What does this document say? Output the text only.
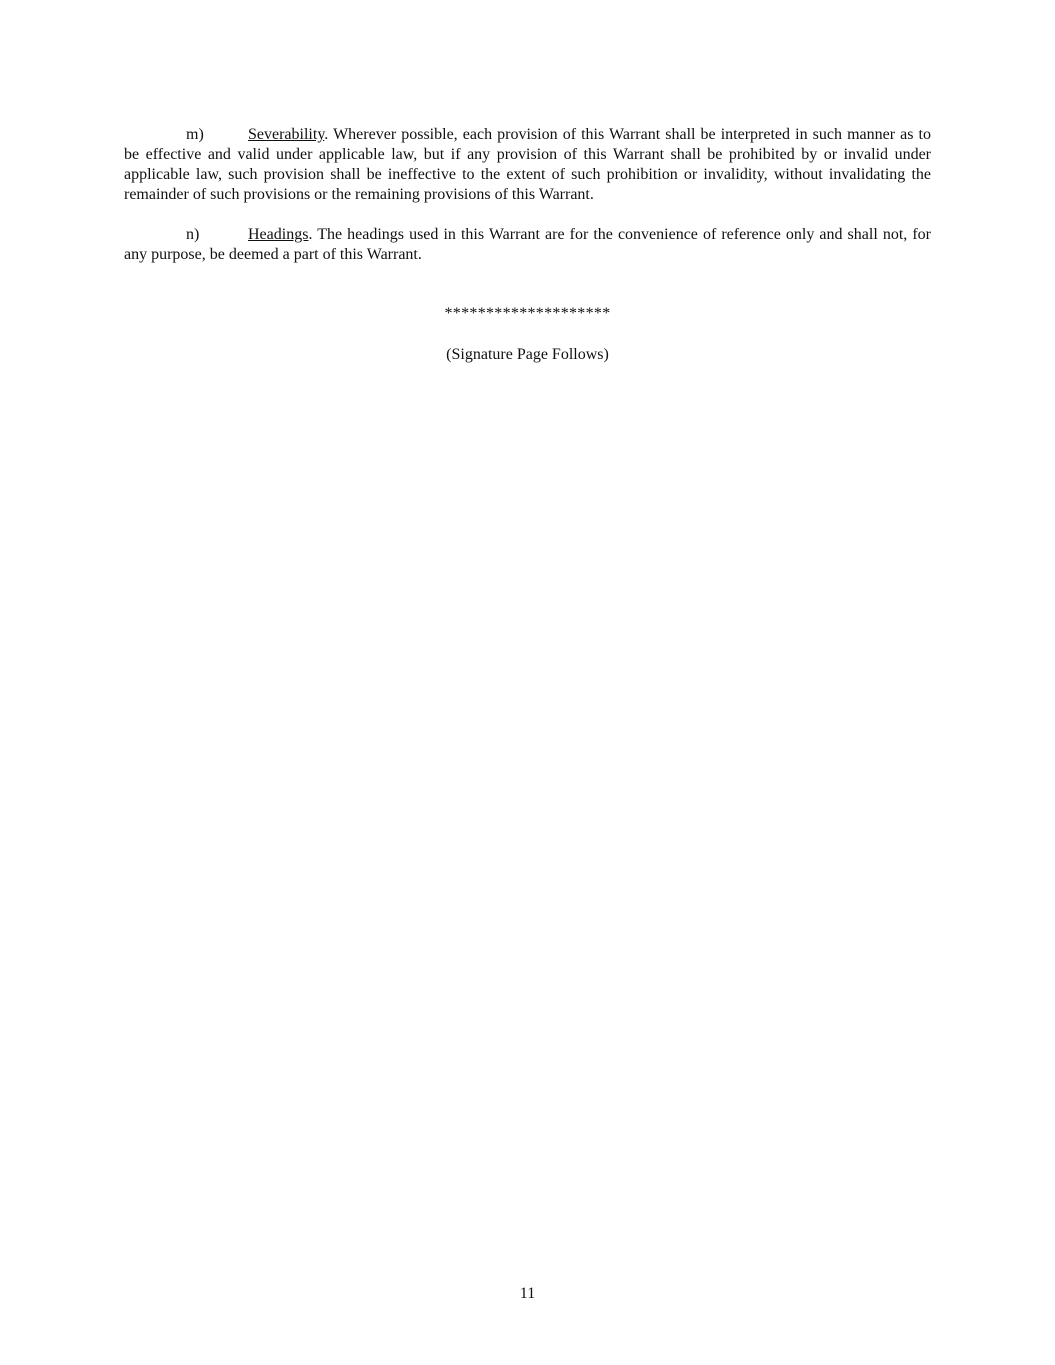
m)	Severability. Wherever possible, each provision of this Warrant shall be interpreted in such manner as to be effective and valid under applicable law, but if any provision of this Warrant shall be prohibited by or invalid under applicable law, such provision shall be ineffective to the extent of such prohibition or invalidity, without invalidating the remainder of such provisions or the remaining provisions of this Warrant.

n)	Headings. The headings used in this Warrant are for the convenience of reference only and shall not, for any purpose, be deemed a part of this Warrant.

********************
(Signature Page Follows)
11
